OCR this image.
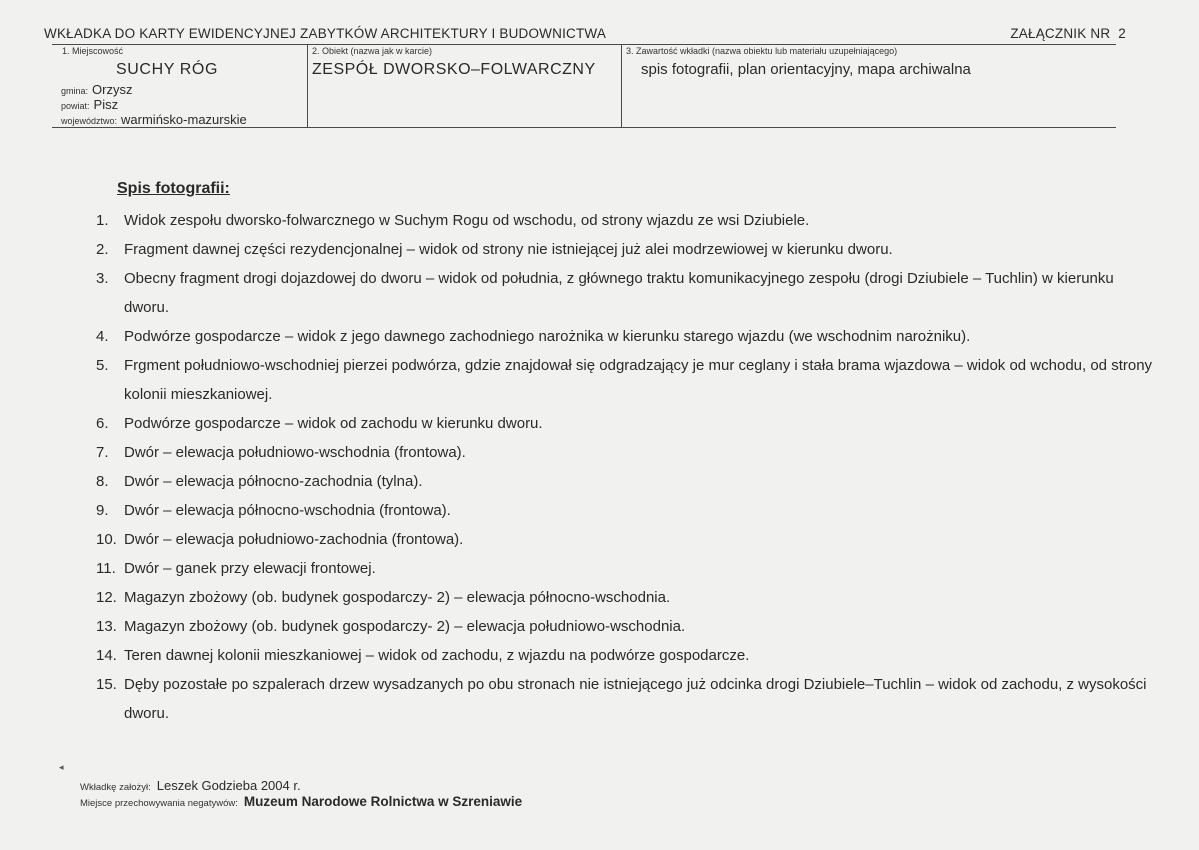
WKŁADKA DO KARTY EWIDENCYJNEJ ZABYTKÓW ARCHITEKTURY I BUDOWNICTWA	ZAŁĄCZNIK NR 2
1. Miejscowość
SUCHY RÓG
gmina: Orzysz
powiat: Pisz
województwo: warmińsko-mazurskie
2. Obiekt (nazwa jak w karcie)
ZESPÓŁ DWORSKO–FOLWARCZNY
3. Zawartość wkładki (nazwa obiektu lub materiału uzupełniającego)
spis fotografii, plan orientacyjny, mapa archiwalna
Spis fotografii:
1. Widok zespołu dworsko-folwarcznego w Suchym Rogu od wschodu, od strony wjazdu ze wsi Dziubiele.
2. Fragment dawnej części rezydencjonalnej – widok od strony nie istniejącej już alei modrzewiowej w kierunku dworu.
3. Obecny fragment drogi dojazdowej do dworu – widok od południa, z głównego traktu komunikacyjnego zespołu (drogi Dziubiele – Tuchlin) w kierunku dworu.
4. Podwórze gospodarcze – widok z jego dawnego zachodniego narożnika w kierunku starego wjazdu (we wschodnim narożniku).
5. Frgment południowo-wschodniej pierzei podwórza, gdzie znajdował się odgradzający je mur ceglany i stała brama wjazdowa – widok od wchodu, od strony kolonii mieszkaniowej.
6. Podwórze gospodarcze – widok od zachodu w kierunku dworu.
7. Dwór – elewacja południowo-wschodnia (frontowa).
8. Dwór – elewacja północno-zachodnia (tylna).
9. Dwór – elewacja północno-wschodnia (frontowa).
10. Dwór – elewacja południowo-zachodnia (frontowa).
11. Dwór – ganek przy elewacji frontowej.
12. Magazyn zbożowy (ob. budynek gospodarczy- 2) – elewacja północno-wschodnia.
13. Magazyn zbożowy (ob. budynek gospodarczy- 2) – elewacja południowo-wschodnia.
14. Teren dawnej kolonii mieszkaniowej – widok od zachodu, z wjazdu na podwórze gospodarcze.
15. Dęby pozostałe po szpalerach drzew wysadzanych po obu stronach nie istniejącego już odcinka drogi Dziubiele–Tuchlin – widok od zachodu, z wysokości dworu.
◂
Wkładkę założył: Leszek Godzieba 2004 r.
Miejsce przechowywania negatywów: Muzeum Narodowe Rolnictwa w Szreniawie
